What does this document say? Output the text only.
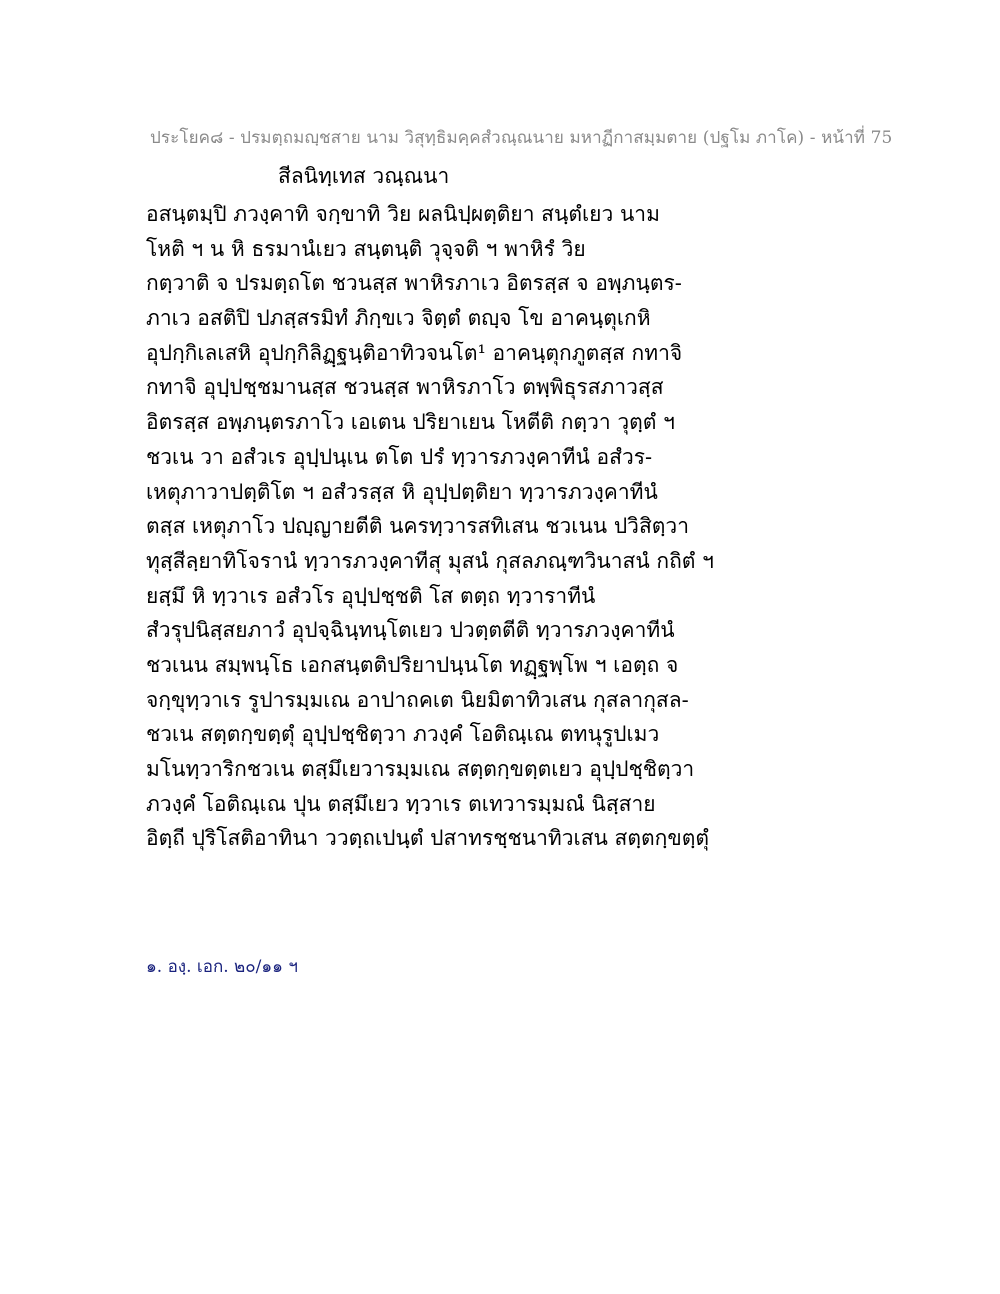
ประโยค๘ - ปรมตฺถมญฺชสาย นาม วิสุทฺธิมคฺคสํวณฺณนาย มหาฏีกาสมฺมตาย (ปฐโม ภาโค) - หน้าที่ 75
สีลนิทฺเทส วณฺณนา
อสนฺตมฺปิ ภวงฺคาทิ จกฺขาทิ วิย ผลนิปฺผตฺติยา สนฺตํเยว นาม
โหติ ฯ น หิ ธรมานํเยว สนฺตนฺติ วุจฺจติ ฯ พาหิรํ วิย
กตฺวาติ จ ปรมตฺถโต ชวนสฺส พาหิรภาเว อิตรสฺส จ อพฺภนฺตร-
ภาเว อสติปิ ปภสฺสรมิทํ ภิกฺขเว จิตฺตํ ตญฺจ โข อาคนฺตุเกหิ
อุปกฺกิเลเสหิ อุปกฺกิลิฏฺฐนฺติอาทิวจนโต¹ อาคนฺตุกภูตสฺส กทาจิ
กทาจิ อุปฺปชฺชมานสฺส ชวนสฺส พาหิรภาโว ตพฺพิธุรสภาวสฺส
อิตรสฺส อพฺภนฺตรภาโว เอเตน ปริยาเยน โหตีติ กตฺวา วุตฺตํ ฯ
ชวเน วา อสํวเร อุปฺปนฺเน ตโต ปรํ ทฺวารภวงฺคาทีนํ อสํวร-
เหตุภาวาปตฺติโต ฯ อสํวรสฺส หิ อุปฺปตฺติยา ทฺวารภวงฺคาทีนํ
ตสฺส เหตุภาโว ปญฺญายตีติ นครทฺวารสทิเสน ชวเนน ปวิสิตฺวา
ทุสฺสีลฺยาทิโจรานํ ทฺวารภวงฺคาทีสุ มุสนํ กุสลภณฺฑวินาสนํ กถิตํ ฯ
ยสฺมึ หิ ทฺวาเร อสํวโร อุปฺปชฺชติ โส ตตฺถ ทฺวาราทีนํ
สํวรุปนิสฺสยภาวํ อุปจฺฉินฺทนฺโตเยว ปวตฺตตีติ ทฺวารภวงฺคาทีนํ
ชวเนน สมฺพนฺโธ เอกสนฺตติปริยาปนฺนโต ทฏฺฐพฺโพ ฯ เอตฺถ จ
จกฺขุทฺวาเร รูปารมฺมเณ อาปาถคเต นิยมิตาทิวเสน กุสลากุสล-
ชวเน สตฺตกฺขตฺตุํ อุปฺปชฺชิตฺวา ภวงฺคํ โอติณฺเณ ตทนุรูปเมว
มโนทฺวาริกชวเน ตสฺมึเยวารมฺมเณ สตฺตกฺขตฺตเยว อุปฺปชฺชิตฺวา
ภวงฺคํ โอติณฺเณ ปุน ตสฺมึเยว ทฺวาเร ตเทวารมฺมณํ นิสฺสาย
อิตฺถี ปุริโสติอาทินา ววตฺถเปนฺตํ ปสาทรชฺชนาทิวเสน สตฺตกฺขตฺตุํ
๑. องฺ. เอก. ๒๐/๑๑ ฯ
